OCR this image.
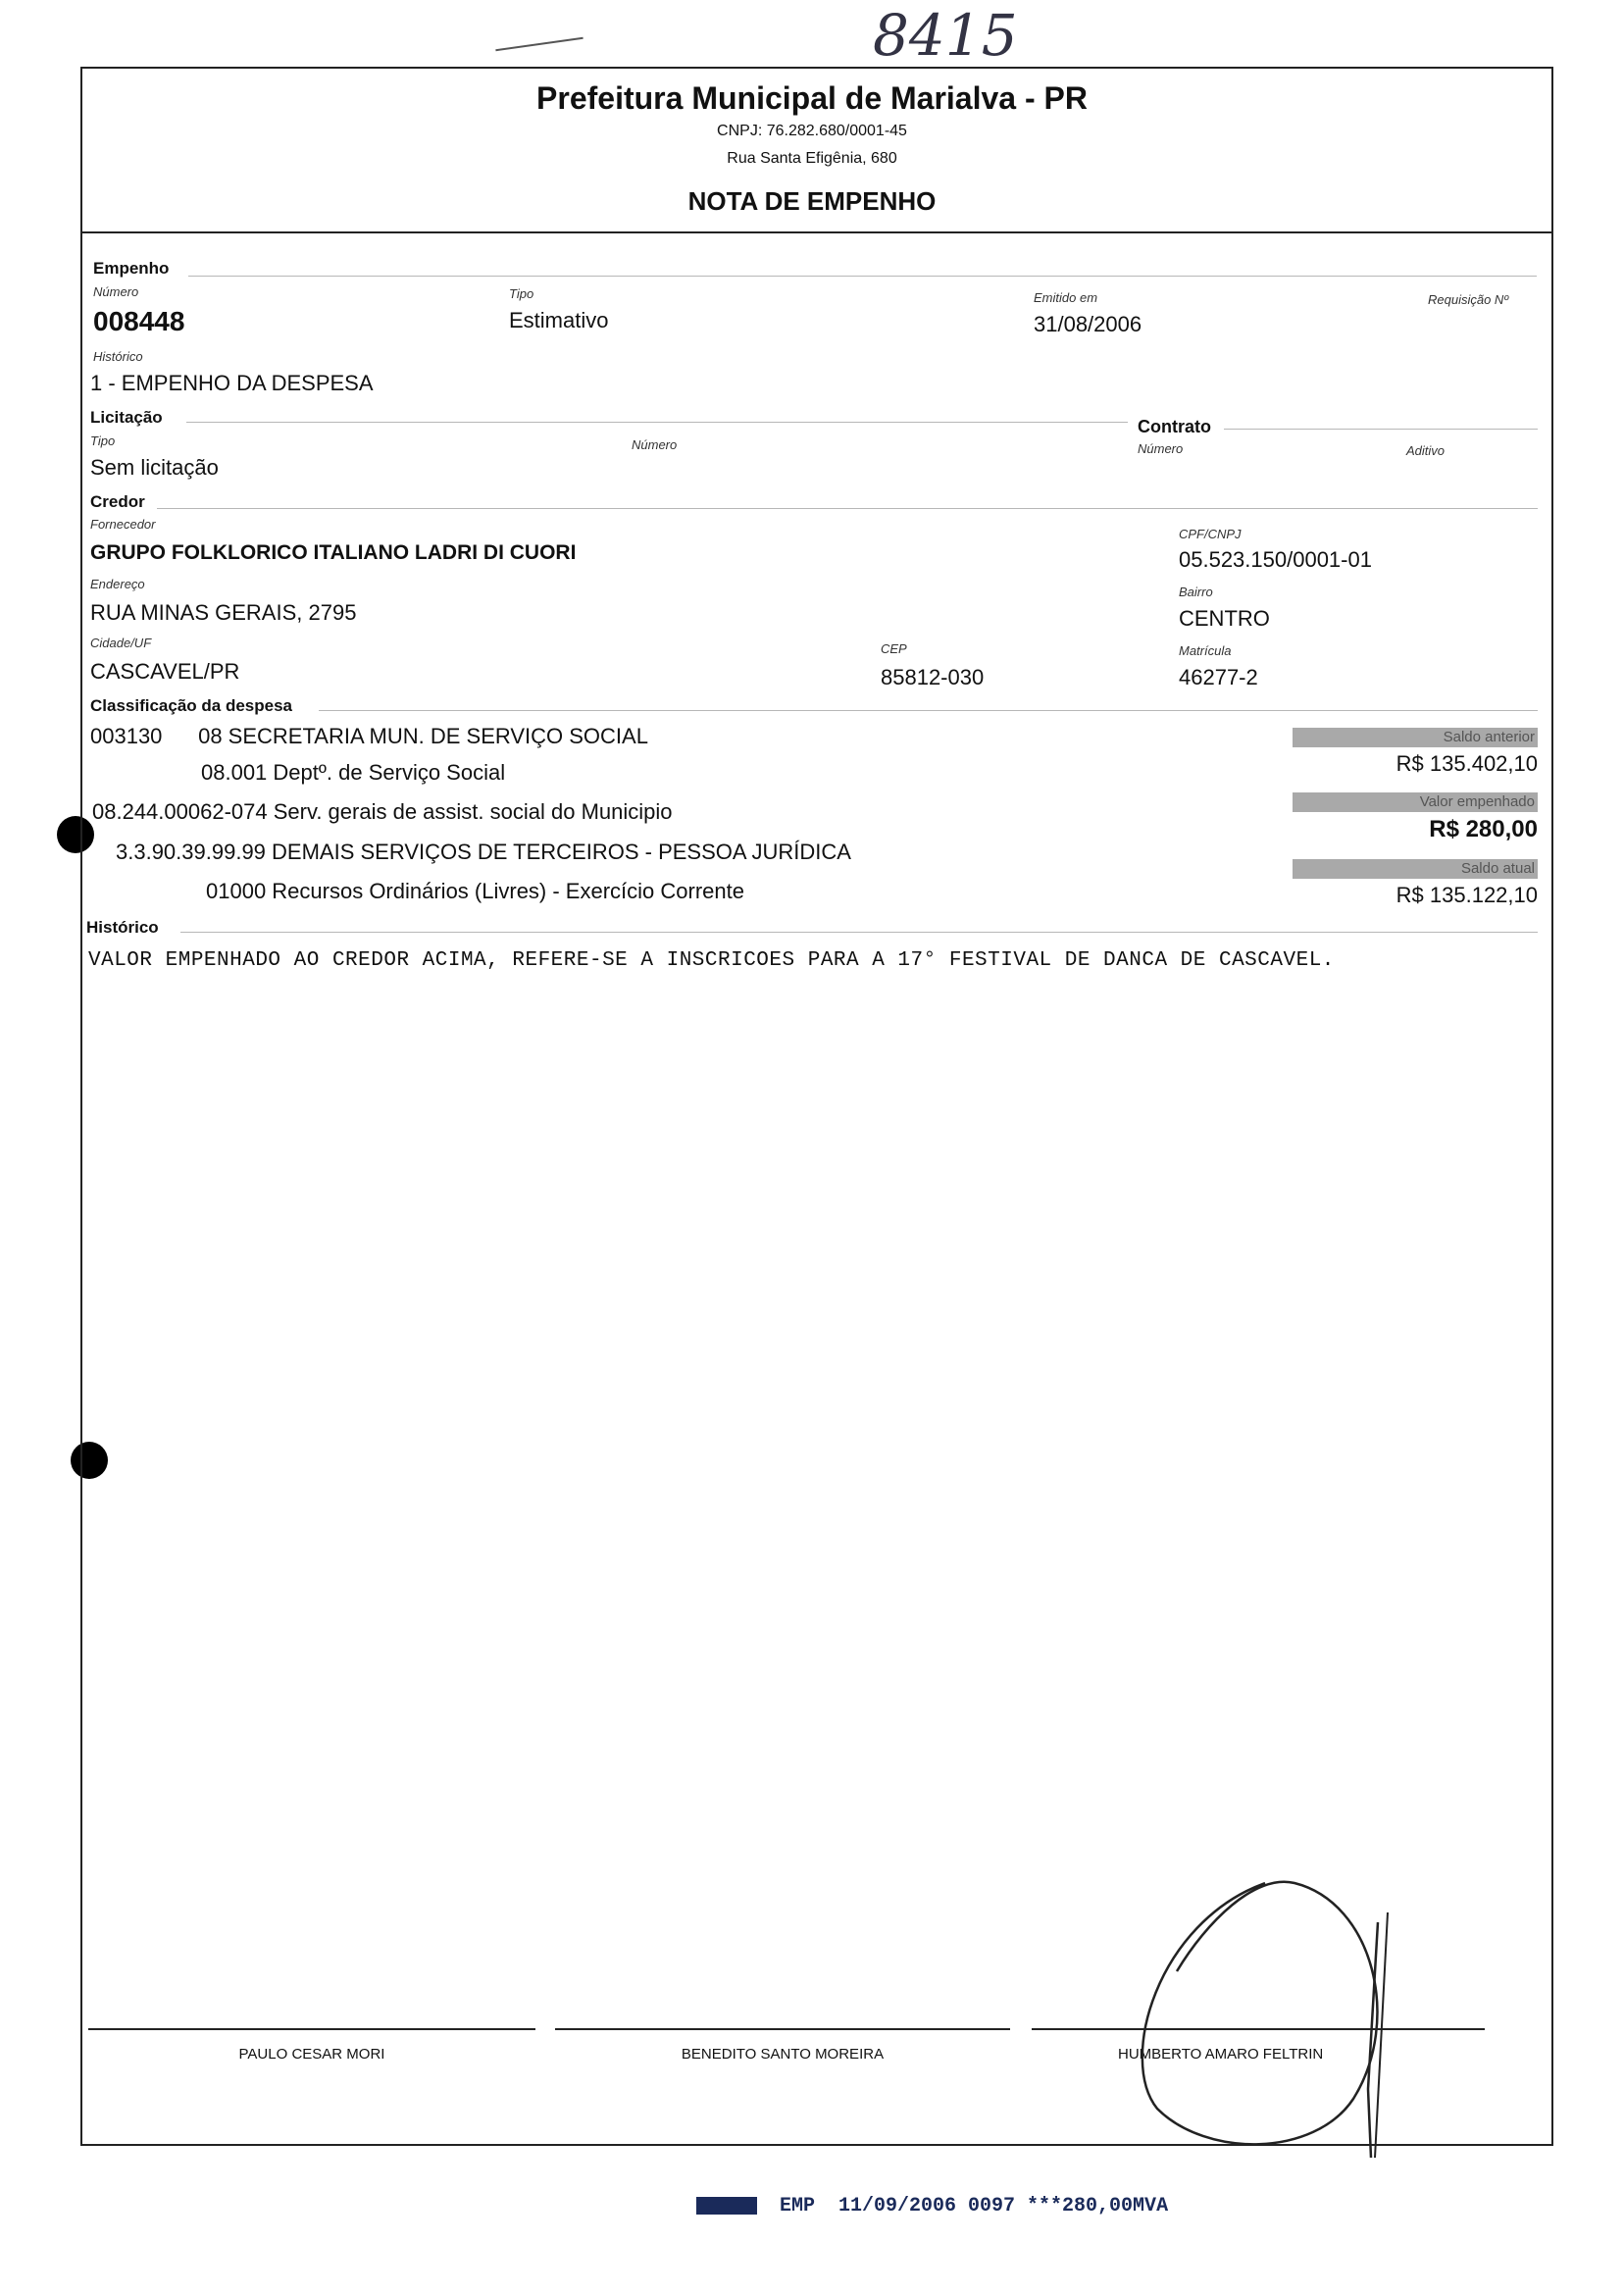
8415
Prefeitura Municipal de Marialva - PR
CNPJ: 76.282.680/0001-45
Rua Santa Efigênia, 680
NOTA DE EMPENHO
Empenho
Número
008448
Tipo
Estimativo
Emitido em
31/08/2006
Requisição Nº
Histórico
1 - EMPENHO DA DESPESA
Licitação
Tipo
Sem licitação
Número
Contrato
Número	Aditivo
Credor
Fornecedor
GRUPO FOLKLORICO ITALIANO LADRI DI CUORI
CPF/CNPJ
05.523.150/0001-01
Endereço
RUA MINAS GERAIS, 2795
Bairro
CENTRO
Cidade/UF
CASCAVEL/PR
CEP
85812-030
Matrícula
46277-2
Classificação da despesa
003130      08 SECRETARIA MUN. DE SERVIÇO SOCIAL
08.001 Deptº. de Serviço Social
08.244.00062-074 Serv. gerais de assist. social do Municipio
3.3.90.39.99.99 DEMAIS SERVIÇOS DE TERCEIROS - PESSOA JURÍDICA
01000 Recursos Ordinários (Livres) - Exercício Corrente
Saldo anterior
R$ 135.402,10
Valor empenhado
R$ 280,00
Saldo atual
R$ 135.122,10
Histórico
VALOR EMPENHADO AO CREDOR ACIMA, REFERE-SE A INSCRICOES PARA A 17° FESTIVAL DE DANCA DE CASCAVEL.
PAULO CESAR MORI	BENEDITO SANTO MOREIRA	HUMBERTO AMARO FELTRIN
EMP  11/09/2006 0097 ***280,00MVA
